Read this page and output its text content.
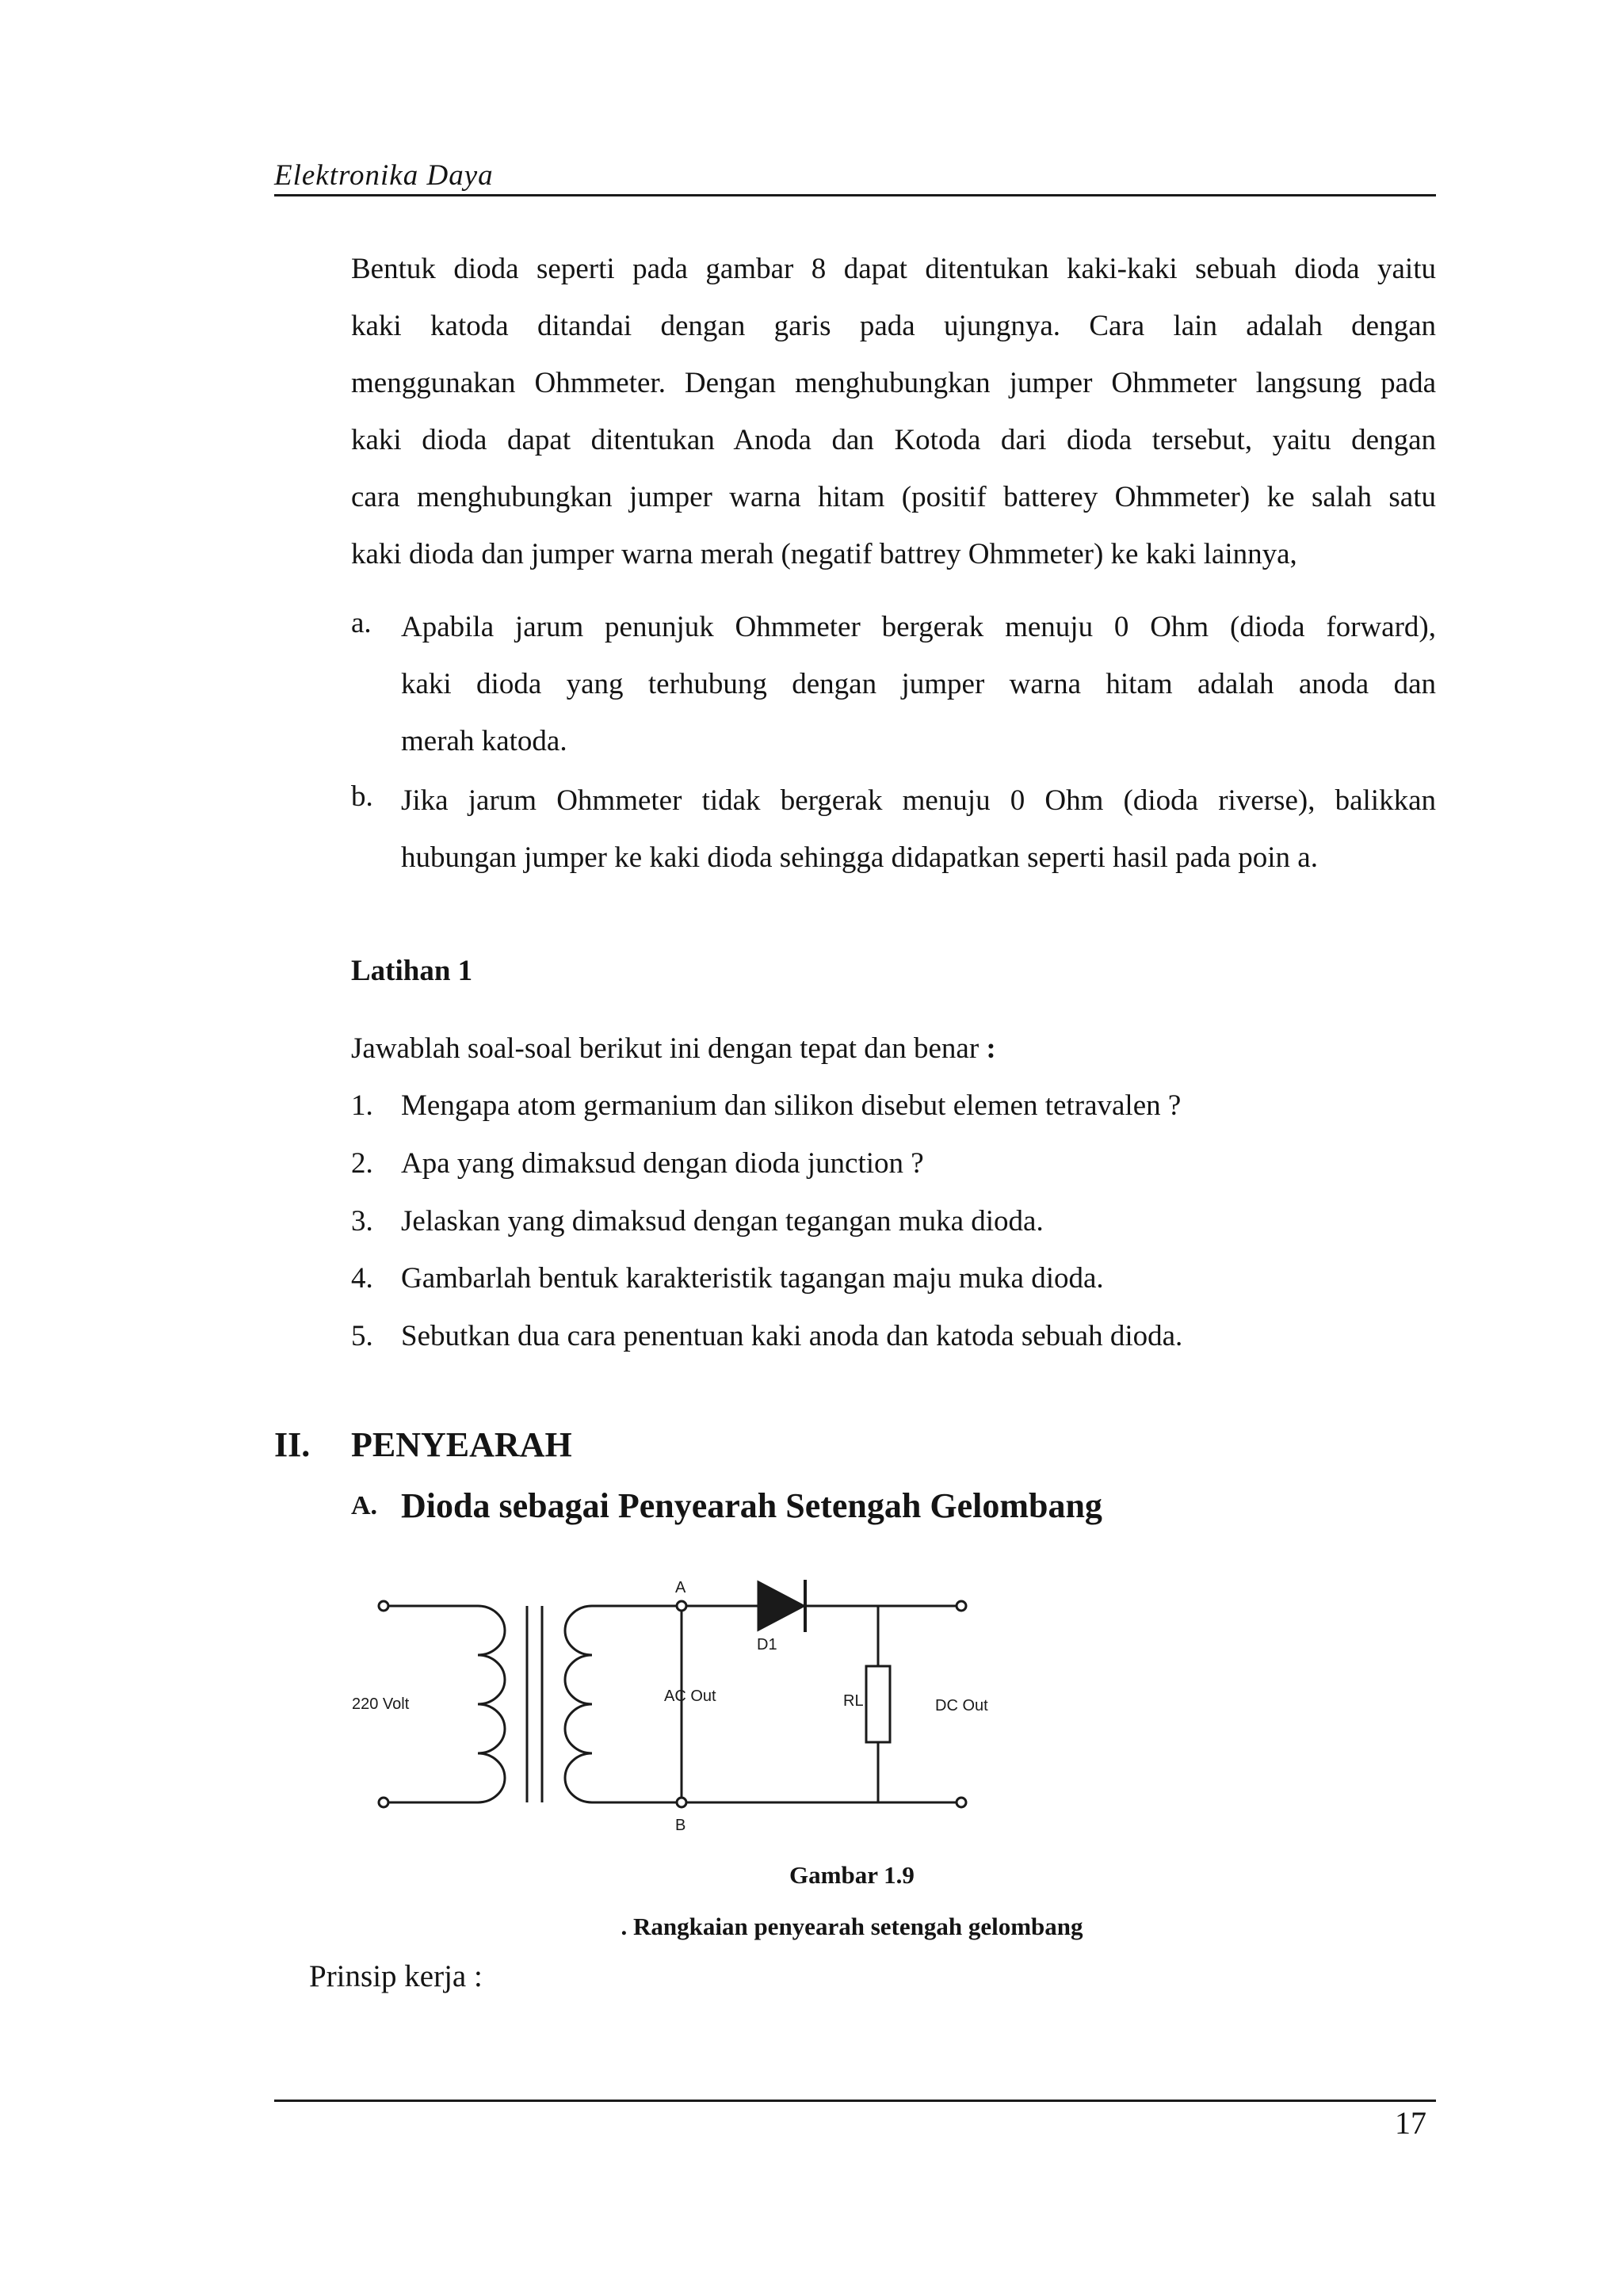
Elektronika Daya
Bentuk dioda seperti pada gambar 8 dapat ditentukan kaki-kaki sebuah dioda yaitu
kaki katoda ditandai dengan garis pada ujungnya. Cara lain adalah dengan
menggunakan Ohmmeter. Dengan menghubungkan jumper Ohmmeter langsung pada
kaki dioda dapat ditentukan Anoda dan Kotoda dari dioda tersebut, yaitu dengan
cara menghubungkan jumper warna hitam (positif batterey Ohmmeter) ke salah satu
kaki dioda dan jumper warna merah (negatif battrey Ohmmeter) ke kaki lainnya,
a. Apabila jarum penunjuk Ohmmeter bergerak menuju 0 Ohm (dioda forward),
kaki dioda yang terhubung dengan jumper warna hitam adalah anoda dan
merah katoda.
b. Jika jarum Ohmmeter tidak bergerak menuju 0 Ohm (dioda riverse), balikkan
hubungan jumper ke kaki dioda sehingga didapatkan seperti hasil pada poin a.
Latihan 1
Jawablah soal-soal berikut ini dengan tepat dan benar :
1. Mengapa atom germanium dan silikon disebut elemen tetravalen ?
2. Apa yang dimaksud dengan dioda junction ?
3. Jelaskan yang dimaksud dengan tegangan muka dioda.
4. Gambarlah bentuk karakteristik tagangan maju muka dioda.
5. Sebutkan dua cara penentuan kaki anoda dan katoda sebuah dioda.
II. PENYEARAH
A. Dioda sebagai Penyearah Setengah Gelombang
220 Volt
A
B
D1
AC Out	RL	DC Out
Gambar 1.9
. Rangkaian penyearah setengah gelombang
Prinsip kerja :
17
